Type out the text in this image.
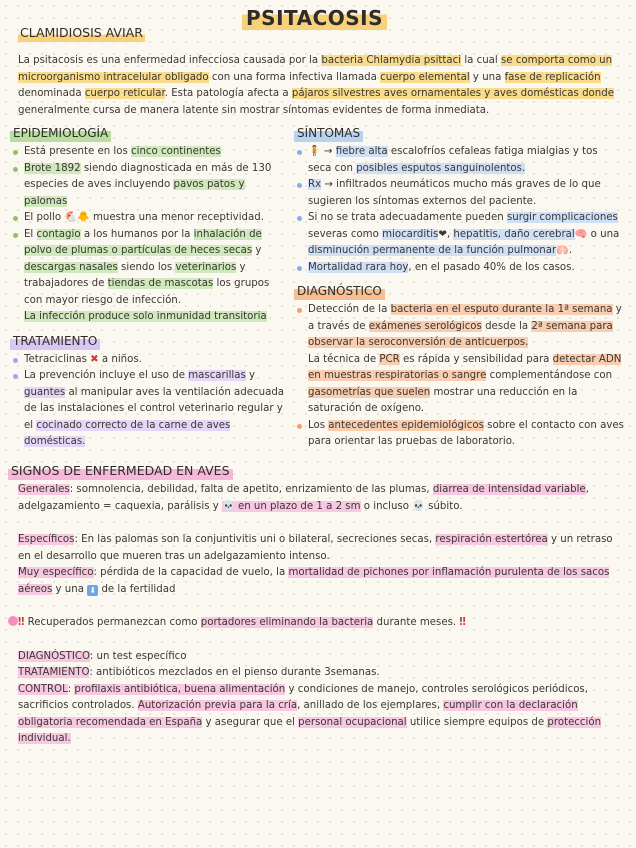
PSITACOSIS
CLAMIDIOSIS AVIAR

La psitacosis es una enfermedad infecciosa causada por la bacteria Chlamydia psittaci la cual se comporta como un microorganismo intracelular obligado con una forma infectiva llamada cuerpo elemental y una fase de replicación denominada cuerpo reticular. Esta patología afecta a pájaros silvestres aves ornamentales y aves domésticas donde generalmente cursa de manera latente sin mostrar síntomas evidentes de forma inmediata.

EPIDEMIOLOGÍA
Está presente en los cinco continentes
Brote 1892 siendo diagnosticada en más de 130 especies de aves incluyendo pavos patos y palomas
El pollo 🐔🐥 muestra una menor receptividad.
El contagio a los humanos por la inhalación de polvo de plumas o partículas de heces secas y descargas nasales siendo los veterinarios y trabajadores de tiendas de mascotas los grupos con mayor riesgo de infección.
La infección produce solo inmunidad transitoria
TRATAMIENTO
Tetraciclinas ✖ a niños.
La prevención incluye el uso de mascarillas y guantes al manipular aves la ventilación adecuada de las instalaciones el control veterinario regular y el cocinado correcto de la carne de aves domésticas.
SÍNTOMAS
🧍 → fiebre alta escalofríos cefaleas fatiga mialgias y tos seca con posibles esputos sanguinolentos.
Rx → infiltrados neumáticos mucho más graves de lo que sugieren los síntomas externos del paciente.
Si no se trata adecuadamente pueden surgir complicaciones severas como miocarditis❤, hepatitis, daño cerebral🧠 o una disminución permanente de la función pulmonar🫁.
Mortalidad rara hoy, en el pasado 40% de los casos.
DIAGNÓSTICO
Detección de la bacteria en el esputo durante la 1ª semana y a través de exámenes serológicos desde la 2ª semana para observar la seroconversión de anticuerpos.
La técnica de PCR es rápida y sensibilidad para detectar ADN en muestras respiratorias o sangre complementándose con gasometrías que suelen mostrar una reducción en la saturación de oxígeno.
Los antecedentes epidemiológicos sobre el contacto con aves para orientar las pruebas de laboratorio.
SIGNOS DE ENFERMEDAD EN AVES

Generales: somnolencia, debilidad, falta de apetito, enrizamiento de las plumas, diarrea de intensidad variable, adelgazamiento = caquexia, parálisis y 💀 en un plazo de 1 a 2 sm o incluso 💀 súbito.

Específicos: En las palomas son la conjuntivitis uni o bilateral, secreciones secas, respiración estertórea y un retraso en el desarrollo que mueren tras un adelgazamiento intenso.

Muy específico: pérdida de la capacidad de vuelo, la mortalidad de pichones por inflamación purulenta de los sacos aéreos y una ⬇ de la fertilidad

‼ Recuperados permanezcan como portadores eliminando la bacteria durante meses. ‼

DIAGNÓSTICO: un test específico

TRATAMIENTO: antibióticos mezclados en el pienso durante 3semanas.

CONTROL: profilaxis antibiótica, buena alimentación y condiciones de manejo, controles serológicos periódicos, sacrificios controlados. Autorización previa para la cría, anillado de los ejemplares, cumplir con la declaración obligatoria recomendada en España y asegurar que el personal ocupacional utilice siempre equipos de protección individual.
